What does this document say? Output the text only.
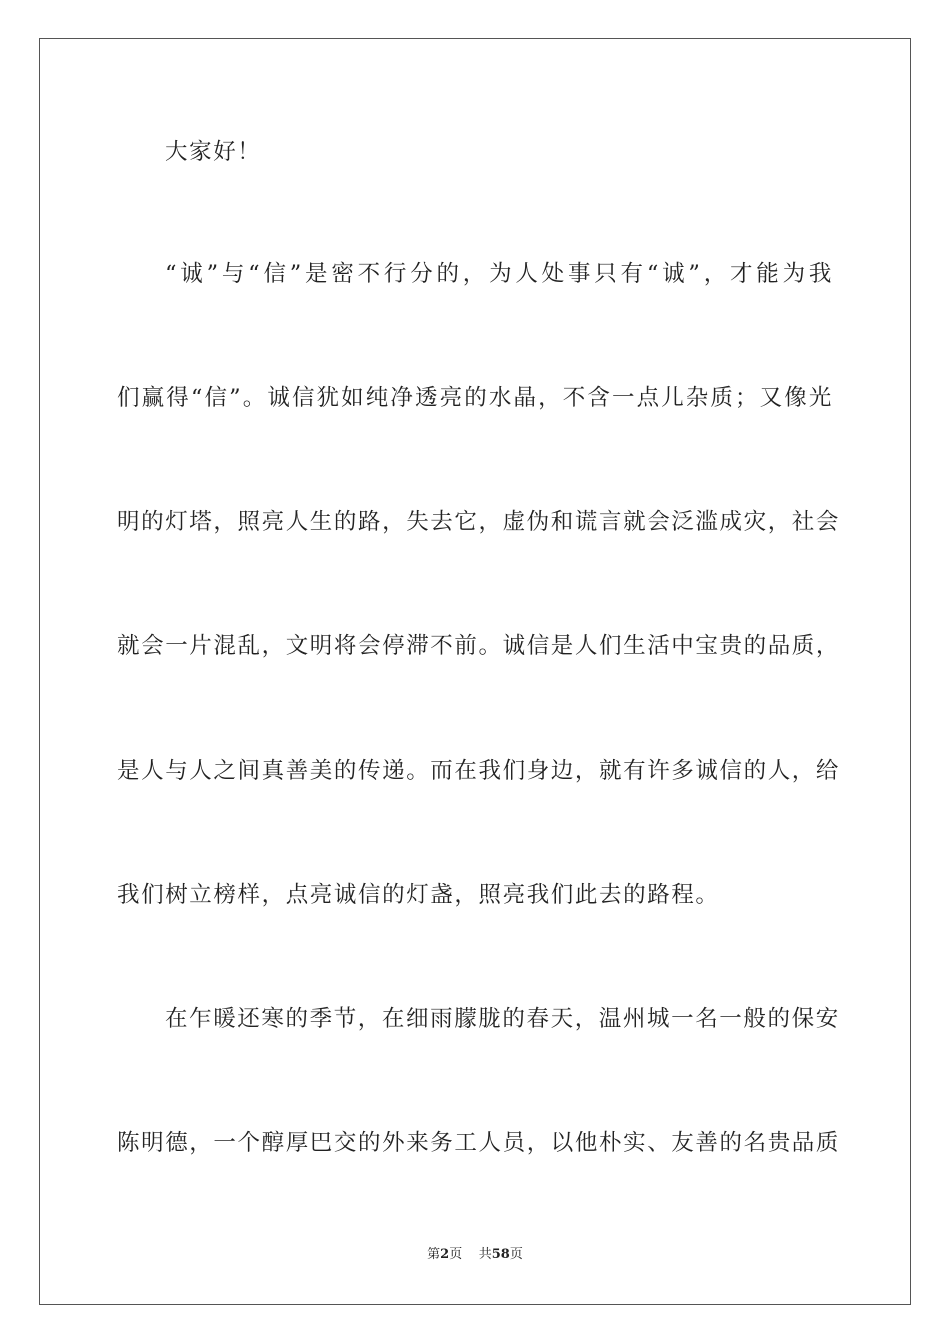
大家好！
“诚”与“信”是密不行分的，为人处事只有“诚”，才能为我
们赢得“信”。诚信犹如纯净透亮的水晶，不含一点儿杂质；又像光
明的灯塔，照亮人生的路，失去它，虚伪和谎言就会泛滥成灾，社会
就会一片混乱，文明将会停滞不前。诚信是人们生活中宝贵的品质，
是人与人之间真善美的传递。而在我们身边，就有许多诚信的人，给
我们树立榜样，点亮诚信的灯盏，照亮我们此去的路程。
在乍暖还寒的季节，在细雨朦胧的春天，温州城一名一般的保安
陈明德，一个醇厚巴交的外来务工人员，以他朴实、友善的名贵品质
第2页 共58页
